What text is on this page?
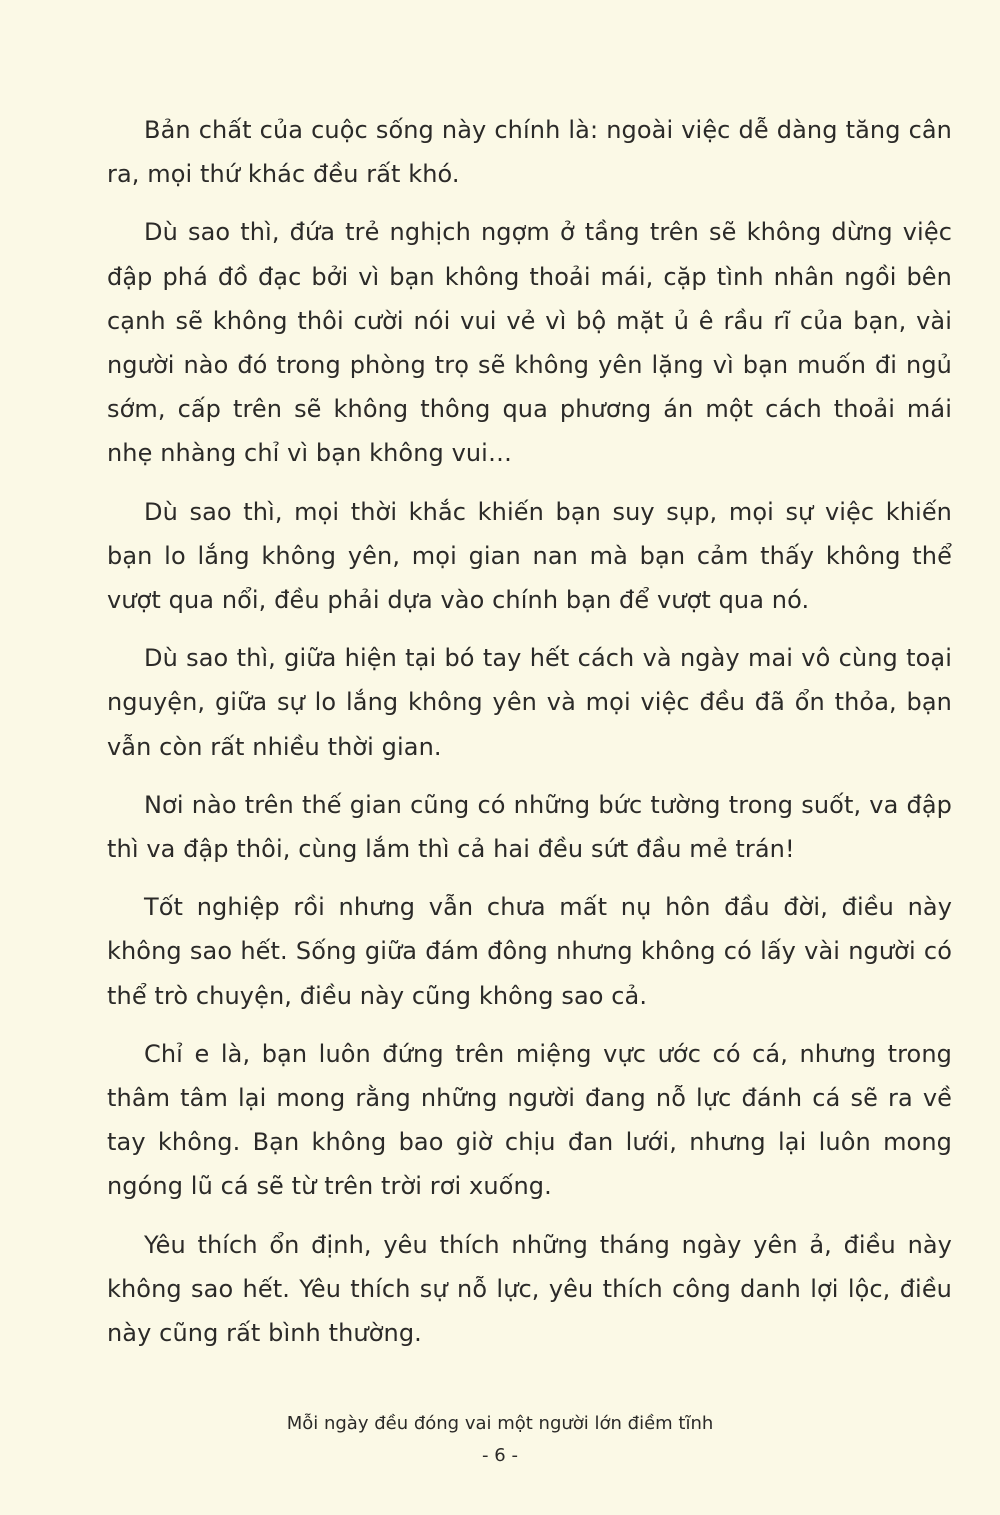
Bản chất của cuộc sống này chính là: ngoài việc dễ dàng tăng cân ra, mọi thứ khác đều rất khó.

Dù sao thì, đứa trẻ nghịch ngợm ở tầng trên sẽ không dừng việc đập phá đồ đạc bởi vì bạn không thoải mái, cặp tình nhân ngồi bên cạnh sẽ không thôi cười nói vui vẻ vì bộ mặt ủ ê rầu rĩ của bạn, vài người nào đó trong phòng trọ sẽ không yên lặng vì bạn muốn đi ngủ sớm, cấp trên sẽ không thông qua phương án một cách thoải mái nhẹ nhàng chỉ vì bạn không vui…

Dù sao thì, mọi thời khắc khiến bạn suy sụp, mọi sự việc khiến bạn lo lắng không yên, mọi gian nan mà bạn cảm thấy không thể vượt qua nổi, đều phải dựa vào chính bạn để vượt qua nó.

Dù sao thì, giữa hiện tại bó tay hết cách và ngày mai vô cùng toại nguyện, giữa sự lo lắng không yên và mọi việc đều đã ổn thỏa, bạn vẫn còn rất nhiều thời gian.

Nơi nào trên thế gian cũng có những bức tường trong suốt, va đập thì va đập thôi, cùng lắm thì cả hai đều sứt đầu mẻ trán!

Tốt nghiệp rồi nhưng vẫn chưa mất nụ hôn đầu đời, điều này không sao hết. Sống giữa đám đông nhưng không có lấy vài người có thể trò chuyện, điều này cũng không sao cả.

Chỉ e là, bạn luôn đứng trên miệng vực ước có cá, nhưng trong thâm tâm lại mong rằng những người đang nỗ lực đánh cá sẽ ra về tay không. Bạn không bao giờ chịu đan lưới, nhưng lại luôn mong ngóng lũ cá sẽ từ trên trời rơi xuống.

Yêu thích ổn định, yêu thích những tháng ngày yên ả, điều này không sao hết. Yêu thích sự nỗ lực, yêu thích công danh lợi lộc, điều này cũng rất bình thường.

Mỗi ngày đều đóng vai một người lớn điềm tĩnh
- 6 -
